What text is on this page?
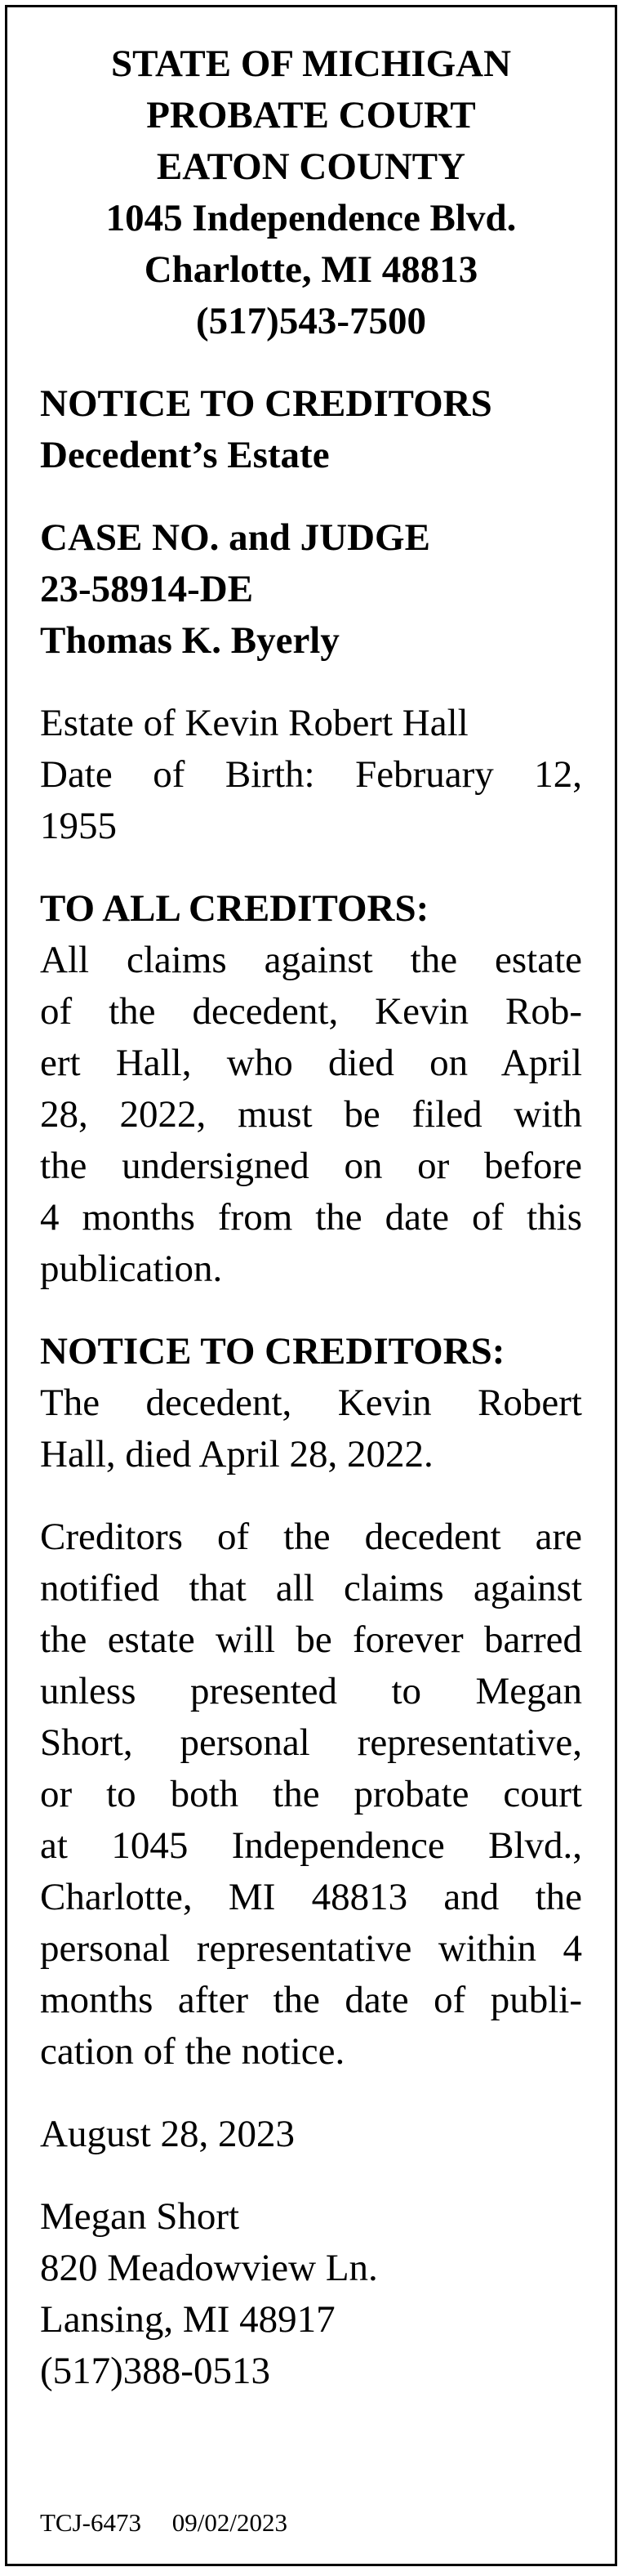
STATE OF MICHIGAN
PROBATE COURT
EATON COUNTY
1045 Independence Blvd.
Charlotte, MI 48813
(517)543-7500
NOTICE TO CREDITORS
Decedent’s Estate
CASE NO. and JUDGE
23-58914-DE
Thomas K. Byerly
Estate of Kevin Robert Hall
Date of Birth: February 12,
1955
TO ALL CREDITORS:
All claims against the estate
of the decedent, Kevin Rob-
ert Hall, who died on April
28, 2022, must be filed with
the undersigned on or before
4 months from the date of this
publication.
NOTICE TO CREDITORS:
The decedent, Kevin Robert
Hall, died April 28, 2022.
Creditors of the decedent are
notified that all claims against
the estate will be forever barred
unless presented to Megan
Short, personal representative,
or to both the probate court
at 1045 Independence Blvd.,
Charlotte, MI 48813 and the
personal representative within 4
months after the date of publi-
cation of the notice.
August 28, 2023
Megan Short
820 Meadowview Ln.
Lansing, MI 48917
(517)388-0513
TCJ-6473 09/02/2023
